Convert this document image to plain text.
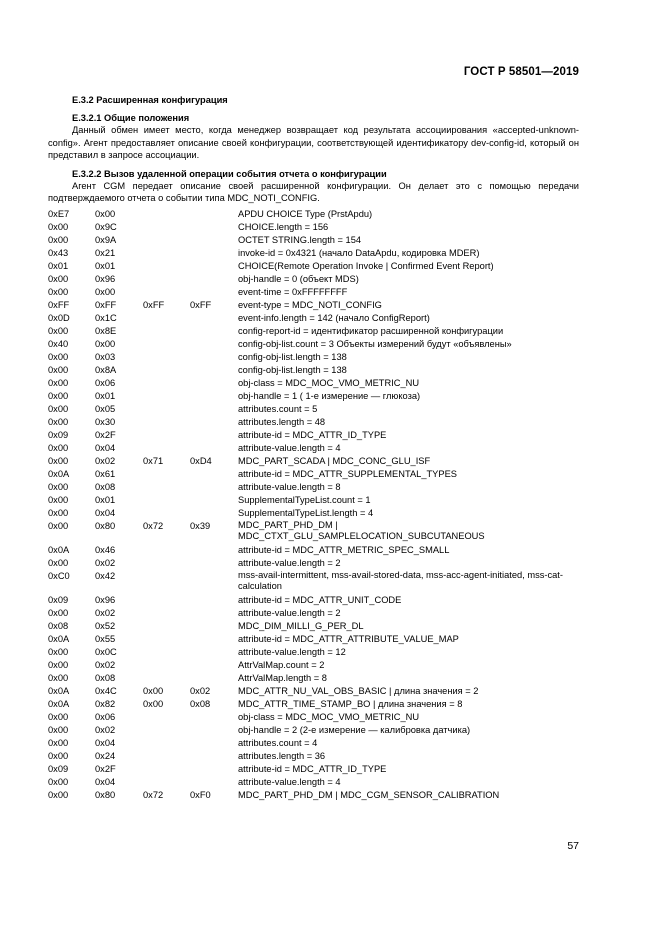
ГОСТ Р 58501—2019
E.3.2 Расширенная конфигурация
E.3.2.1 Общие положения

Данный обмен имеет место, когда менеджер возвращает код результата ассоциирования «accepted-unknown-config». Агент предоставляет описание своей конфигурации, соответствующей идентификатору dev-config-id, который он представил в запросе ассоциации.

E.3.2.2 Вызов удаленной операции события отчета о конфигурации

Агент CGM передает описание своей расширенной конфигурации. Он делает это с помощью передачи подтверждаемого отчета о событии типа MDC_NOTI_CONFIG.

0xE7	0x00	APDU CHOICE Type (PrstApdu)
0x00	0x9C	CHOICE.length = 156
0x00	0x9A	OCTET STRING.length = 154
0x43	0x21	invoke-id = 0x4321 (начало DataApdu, кодировка MDER)
0x01	0x01	CHOICE(Remote Operation Invoke | Confirmed Event Report)
0x00	0x96	obj-handle = 0 (объект MDS)
0x00	0x00	event-time = 0xFFFFFFFF
0xFF	0xFF	0xFF	0xFF	event-type = MDC_NOTI_CONFIG
0x0D	0x1C	event-info.length = 142 (начало ConfigReport)
0x00	0x8E	config-report-id = идентификатор расширенной конфигурации
0x40	0x00	config-obj-list.count = 3 Объекты измерений будут «объявлены»
0x00	0x03	config-obj-list.length = 138
0x00	0x8A	config-obj-list.length = 138
0x00	0x06	obj-class = MDC_MOC_VMO_METRIC_NU
0x00	0x01	obj-handle = 1 ( 1-е измерение — глюкоза)
0x00	0x05	attributes.count = 5
0x00	0x30	attributes.length = 48
0x09	0x2F	attribute-id = MDC_ATTR_ID_TYPE
0x00	0x04	attribute-value.length = 4
0x00	0x02	0x71	0xD4	MDC_PART_SCADA | MDC_CONC_GLU_ISF
0x0A	0x61	attribute-id = MDC_ATTR_SUPPLEMENTAL_TYPES
0x00	0x08	attribute-value.length = 8
0x00	0x01	SupplementalTypeList.count = 1
0x00	0x04	SupplementalTypeList.length = 4
0x00	0x80	0x72	0x39	MDC_PART_PHD_DM | MDC_CTXT_GLU_SAMPLELOCATION_SUBCUTANEOUS
0x0A	0x46	attribute-id = MDC_ATTR_METRIC_SPEC_SMALL
0x00	0x02	attribute-value.length = 2
0xC0	0x42	mss-avail-intermittent, mss-avail-stored-data, mss-acc-agent-initiated, mss-cat-calculation
0x09	0x96	attribute-id = MDC_ATTR_UNIT_CODE
0x00	0x02	attribute-value.length = 2
0x08	0x52	MDC_DIM_MILLI_G_PER_DL
0x0A	0x55	attribute-id = MDC_ATTR_ATTRIBUTE_VALUE_MAP
0x00	0x0C	attribute-value.length = 12
0x00	0x02	AttrValMap.count = 2
0x00	0x08	AttrValMap.length = 8
0x0A	0x4C	0x00	0x02	MDC_ATTR_NU_VAL_OBS_BASIC | длина значения = 2
0x0A	0x82	0x00	0x08	MDC_ATTR_TIME_STAMP_BO | длина значения = 8
0x00	0x06	obj-class = MDC_MOC_VMO_METRIC_NU
0x00	0x02	obj-handle = 2 (2-е измерение — калибровка датчика)
0x00	0x04	attributes.count = 4
0x00	0x24	attributes.length = 36
0x09	0x2F	attribute-id = MDC_ATTR_ID_TYPE
0x00	0x04	attribute-value.length = 4
0x00	0x80	0x72	0xF0	MDC_PART_PHD_DM | MDC_CGM_SENSOR_CALIBRATION
57
